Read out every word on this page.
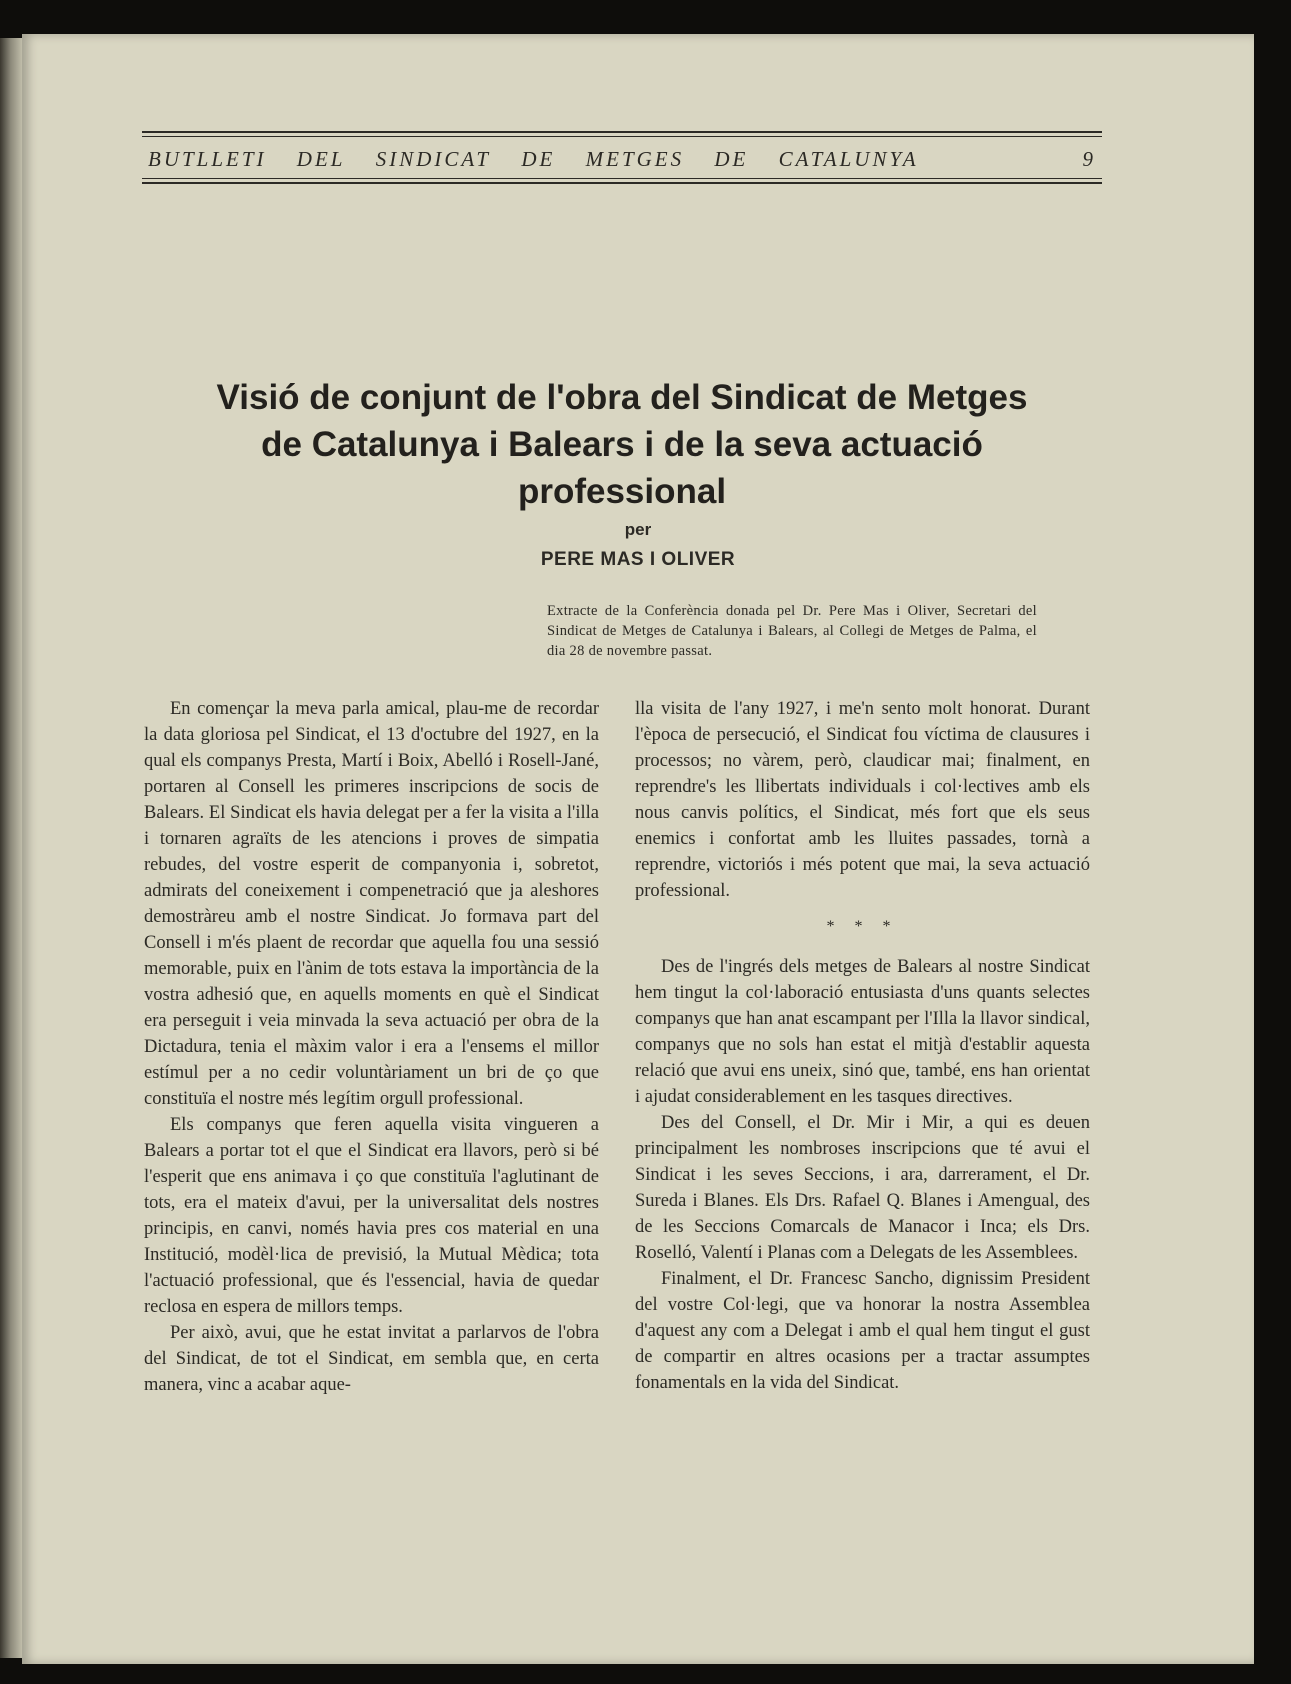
BUTLLETI DEL SINDICAT DE METGES DE CATALUNYA	9
Visió de conjunt de l'obra del Sindicat de Metges
de Catalunya i Balears i de la seva actuació
professional
per
PERE MAS I OLIVER
Extracte de la Conferència donada pel Dr. Pere Mas i Oliver, Secretari del Sindicat de Metges de Catalunya i Balears, al Collegi de Metges de Palma, el dia 28 de novembre passat.

En començar la meva parla amical, plau-me de recordar la data gloriosa pel Sindicat, el 13 d'octubre del 1927, en la qual els companys Presta, Martí i Boix, Abelló i Rosell-Jané, portaren al Consell les primeres inscripcions de socis de Balears. El Sindicat els havia delegat per a fer la visita a l'illa i tornaren agraïts de les atencions i proves de simpatia rebudes, del vostre esperit de companyonia i, sobretot, admirats del coneixement i compenetració que ja aleshores demostràreu amb el nostre Sindicat. Jo formava part del Consell i m'és plaent de recordar que aquella fou una sessió memorable, puix en l'ànim de tots estava la importància de la vostra adhesió que, en aquells moments en què el Sindicat era perseguit i veia minvada la seva actuació per obra de la Dictadura, tenia el màxim valor i era a l'ensems el millor estímul per a no cedir voluntàriament un bri de ço que constituïa el nostre més legítim orgull professional.

Els companys que feren aquella visita vingueren a Balears a portar tot el que el Sindicat era llavors, però si bé l'esperit que ens animava i ço que constituïa l'aglutinant de tots, era el mateix d'avui, per la universalitat dels nostres principis, en canvi, només havia pres cos material en una Institució, modèl·lica de previsió, la Mutual Mèdica; tota l'actuació professional, que és l'essencial, havia de quedar reclosa en espera de millors temps.

Per això, avui, que he estat invitat a parlarvos de l'obra del Sindicat, de tot el Sindicat, em sembla que, en certa manera, vinc a acabar aque-

lla visita de l'any 1927, i me'n sento molt honorat. Durant l'època de persecució, el Sindicat fou víctima de clausures i processos; no vàrem, però, claudicar mai; finalment, en reprendre's les llibertats individuals i col·lectives amb els nous canvis polítics, el Sindicat, més fort que els seus enemics i confortat amb les lluites passades, tornà a reprendre, victoriós i més potent que mai, la seva actuació professional.

* * *

Des de l'ingrés dels metges de Balears al nostre Sindicat hem tingut la col·laboració entusiasta d'uns quants selectes companys que han anat escampant per l'Illa la llavor sindical, companys que no sols han estat el mitjà d'establir aquesta relació que avui ens uneix, sinó que, també, ens han orientat i ajudat considerablement en les tasques directives.

Des del Consell, el Dr. Mir i Mir, a qui es deuen principalment les nombroses inscripcions que té avui el Sindicat i les seves Seccions, i ara, darrerament, el Dr. Sureda i Blanes. Els Drs. Rafael Q. Blanes i Amengual, des de les Seccions Comarcals de Manacor i Inca; els Drs. Roselló, Valentí i Planas com a Delegats de les Assemblees.

Finalment, el Dr. Francesc Sancho, dignissim President del vostre Col·legi, que va honorar la nostra Assemblea d'aquest any com a Delegat i amb el qual hem tingut el gust de compartir en altres ocasions per a tractar assumptes fonamentals en la vida del Sindicat.
